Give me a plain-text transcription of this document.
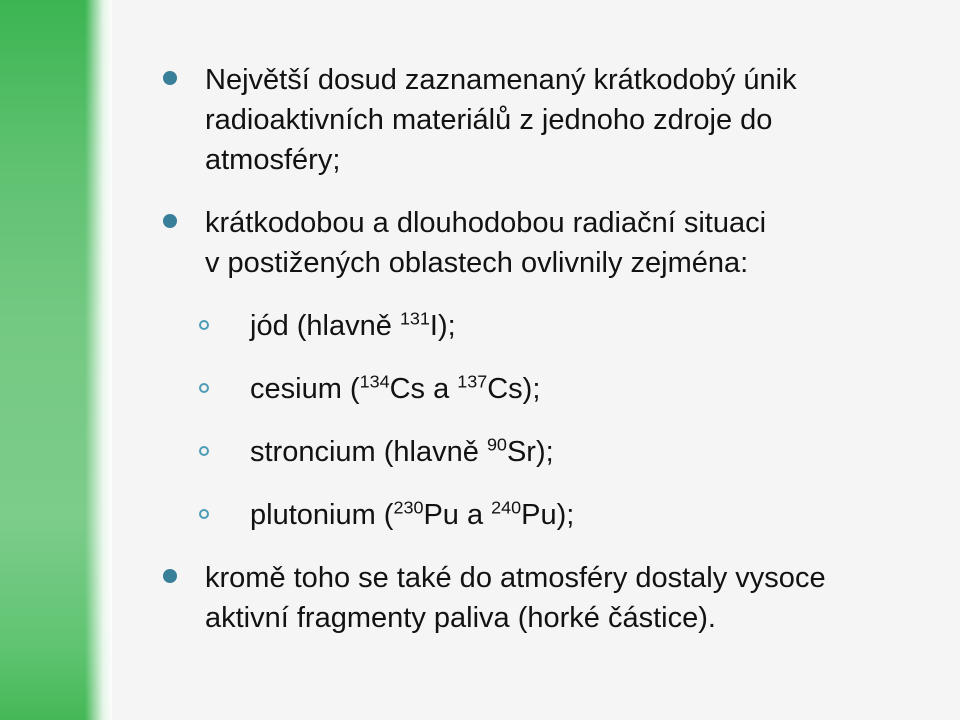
Největší dosud zaznamenaný krátkodobý únik
radioaktivních materiálů z jednoho zdroje do
atmosféry;
krátkodobou a dlouhodobou radiační situaci
v postižených oblastech ovlivnily zejména:
jód (hlavně $^{131}$I);
cesium ($^{134}$Cs a $^{137}$Cs);
stroncium (hlavně $^{90}$Sr);
plutonium ($^{230}$Pu a $^{240}$Pu);
kromě toho se také do atmosféry dostaly vysoce
aktivní fragmenty paliva (horké částice).
